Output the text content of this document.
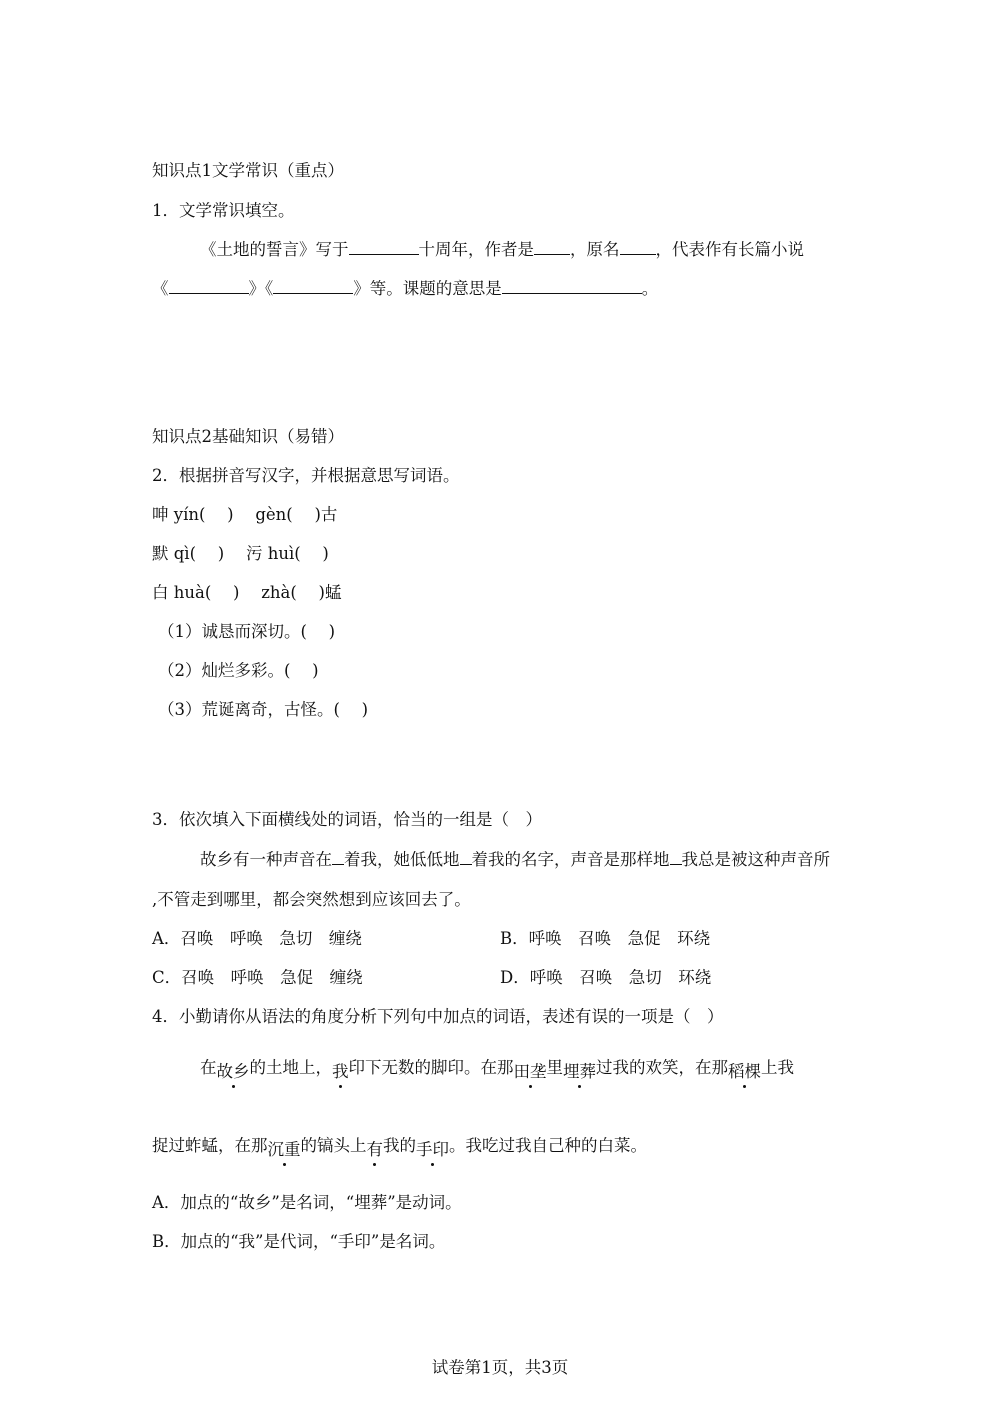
知识点1文学常识（重点）
1．文学常识填空。
《土地的誓言》写于	十周年，作者是 ，原名 ，代表作有长篇小说
《	》《	》等。课题的意思是	。
知识点2基础知识（易错）
2．根据拼音写汉字，并根据意思写词语。
呻 yín(　 )　 gèn(　 )古
默 qì(　 )　 污 huì(　 )
白 huà(　 )　 zhà(　 )蜢
（1）诚恳而深切。(　 )
（2）灿烂多彩。(　 )
（3）荒诞离奇，古怪。(　 )
3．依次填入下面横线处的词语，恰当的一组是（　）
故乡有一种声音在 着我，她低低地 着我的名字，声音是那样地 我总是被这种声音所
,不管走到哪里，都会突然想到应该回去了。
A．召唤　呼唤　急切　缠绕	B．呼唤　召唤　急促　环绕
C．召唤　呼唤　急促　缠绕	D．呼唤　召唤　急切　环绕
4．小勤请你从语法的角度分析下列句中加点的词语，表述有误的一项是（　）
在故乡的土地上，我印下无数的脚印。在那田垄里埋葬过我的欢笑，在那稻棵上我
捉过蚱蜢，在那沉重的镐头上有我的手印。我吃过我自己种的白菜。
A．加点的“故乡”是名词，“埋葬”是动词。
B．加点的“我”是代词，“手印”是名词。
试卷第1页，共3页
